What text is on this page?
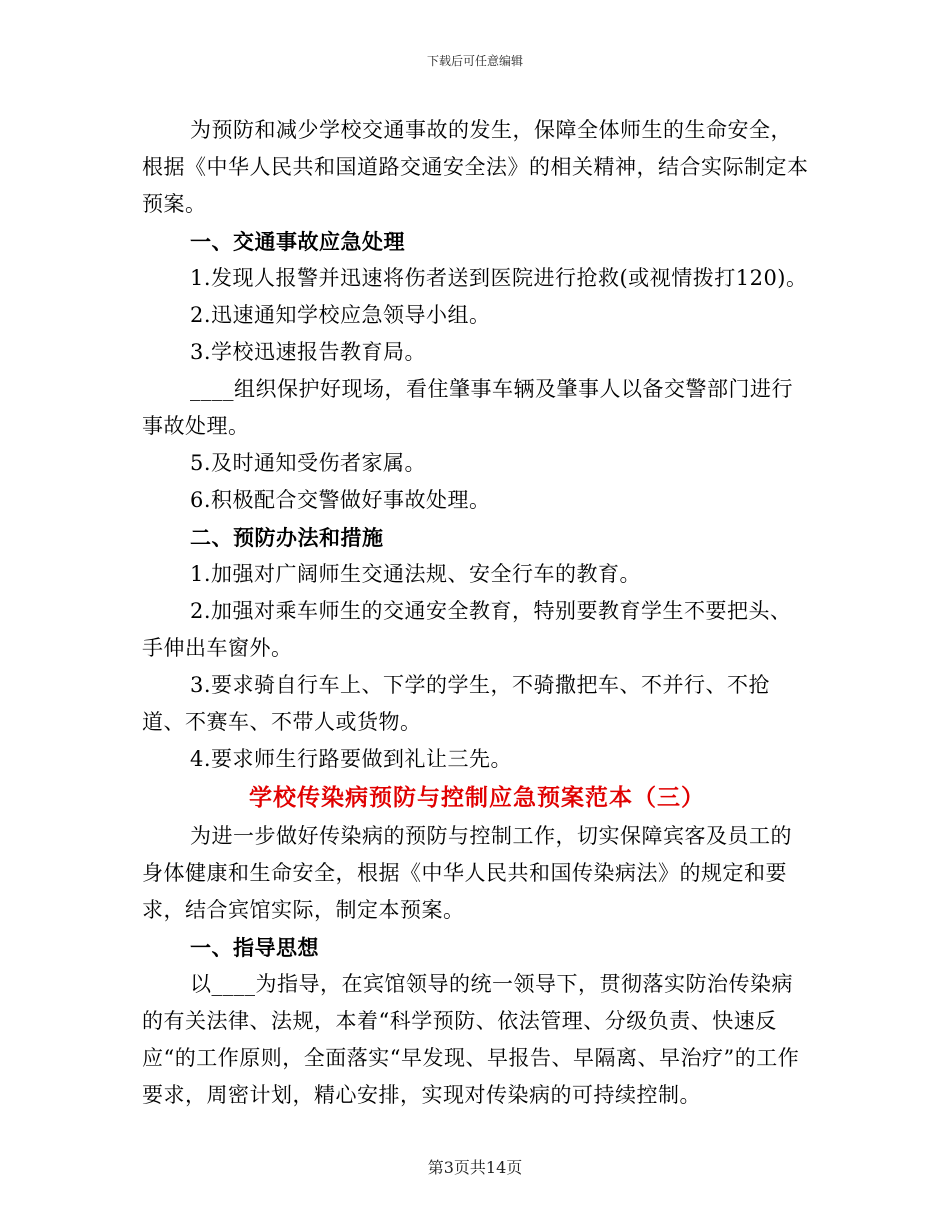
下载后可任意编辑

为预防和减少学校交通事故的发生，保障全体师生的生命安全，根据《中华人民共和国道路交通安全法》的相关精神，结合实际制定本预案。

一、交通事故应急处理

1.发现人报警并迅速将伤者送到医院进行抢救(或视情拨打120)。

2.迅速通知学校应急领导小组。

3.学校迅速报告教育局。

____组织保护好现场，看住肇事车辆及肇事人以备交警部门进行事故处理。

5.及时通知受伤者家属。

6.积极配合交警做好事故处理。

二、预防办法和措施

1.加强对广阔师生交通法规、安全行车的教育。

2.加强对乘车师生的交通安全教育，特别要教育学生不要把头、手伸出车窗外。

3.要求骑自行车上、下学的学生，不骑撒把车、不并行、不抢道、不赛车、不带人或货物。

4.要求师生行路要做到礼让三先。

学校传染病预防与控制应急预案范本（三）

为进一步做好传染病的预防与控制工作，切实保障宾客及员工的身体健康和生命安全，根据《中华人民共和国传染病法》的规定和要求，结合宾馆实际，制定本预案。

一、指导思想

以____为指导，在宾馆领导的统一领导下，贯彻落实防治传染病的有关法律、法规，本着“科学预防、依法管理、分级负责、快速反应“的工作原则，全面落实“早发现、早报告、早隔离、早治疗”的工作要求，周密计划，精心安排，实现对传染病的可持续控制。

第3页共14页
